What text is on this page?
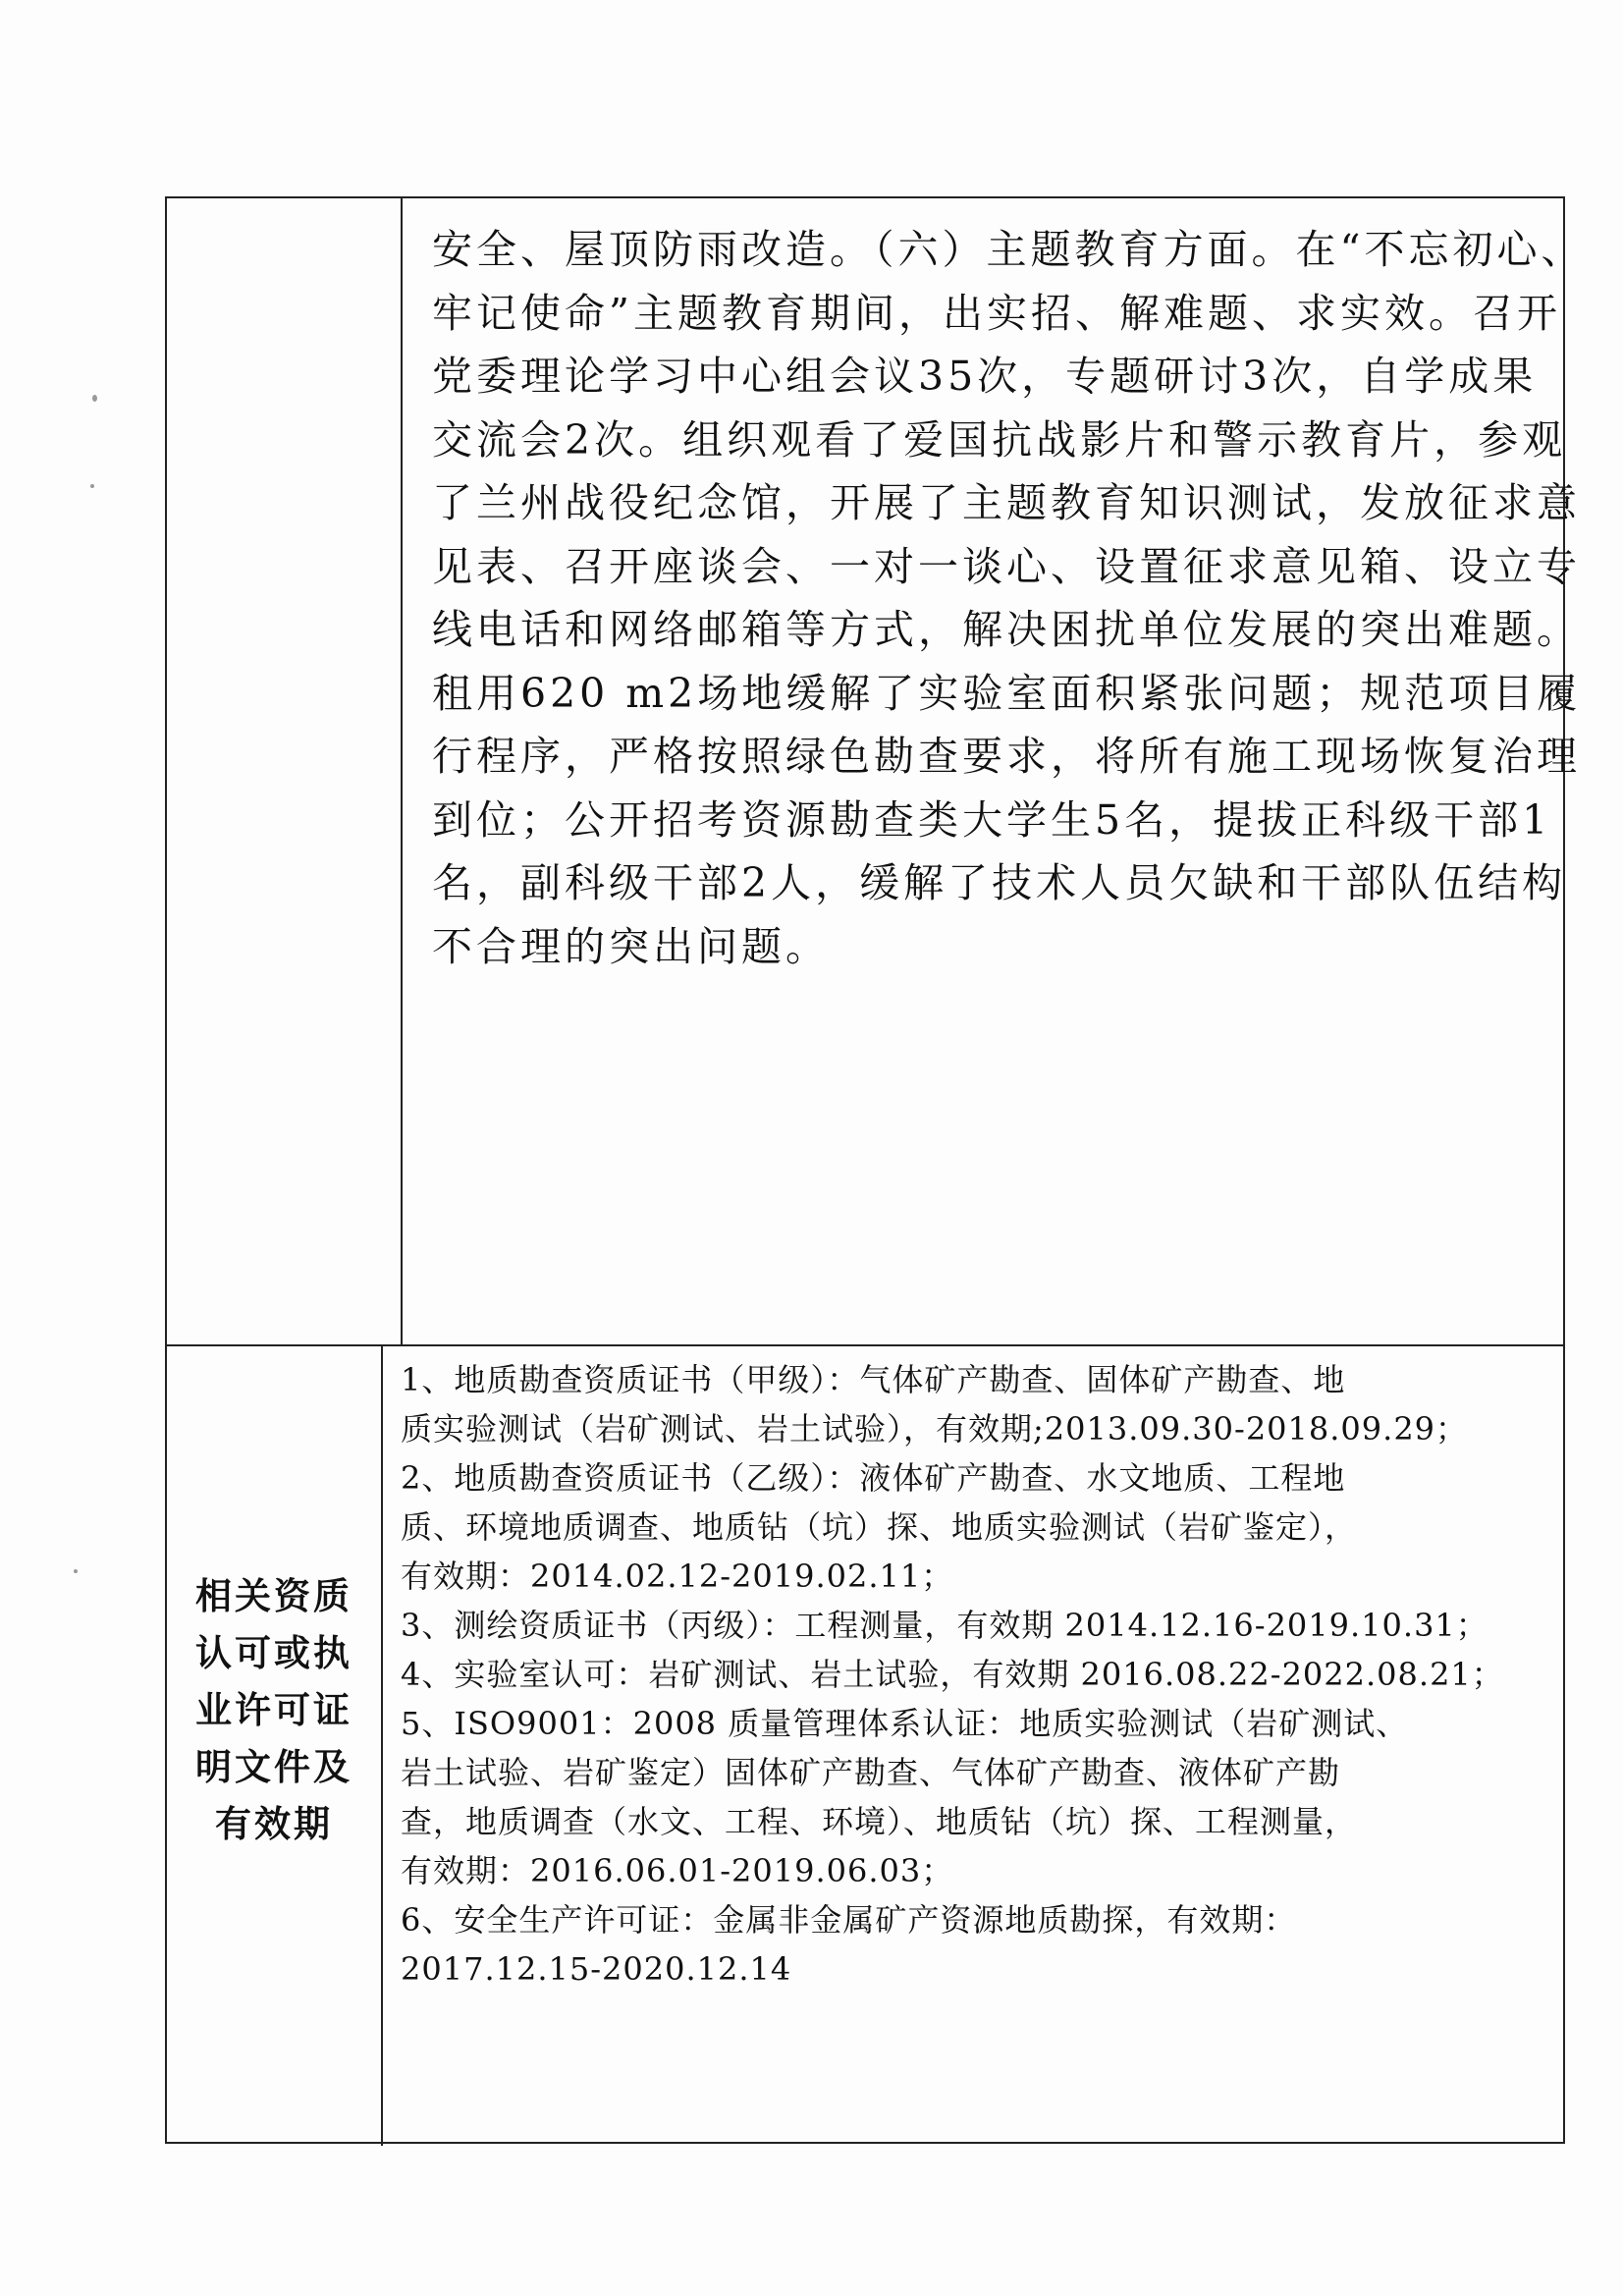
安全、屋顶防雨改造。（六）主题教育方面。在“不忘初心、

牢记使命”主题教育期间，出实招、解难题、求实效。召开

党委理论学习中心组会议35次，专题研讨3次，自学成果

交流会2次。组织观看了爱国抗战影片和警示教育片，参观

了兰州战役纪念馆，开展了主题教育知识测试，发放征求意

见表、召开座谈会、一对一谈心、设置征求意见箱、设立专

线电话和网络邮箱等方式，解决困扰单位发展的突出难题。

租用620 m2场地缓解了实验室面积紧张问题；规范项目履

行程序，严格按照绿色勘查要求，将所有施工现场恢复治理

到位；公开招考资源勘查类大学生5名，提拔正科级干部1

名，副科级干部2人，缓解了技术人员欠缺和干部队伍结构

不合理的突出问题。

相关资质

认可或执

业许可证

明文件及

有效期

1、地质勘查资质证书（甲级）：气体矿产勘查、固体矿产勘查、地

质实验测试（岩矿测试、岩土试验），有效期;2013.09.30-2018.09.29；

2、地质勘查资质证书（乙级）：液体矿产勘查、水文地质、工程地

质、环境地质调查、地质钻（坑）探、地质实验测试（岩矿鉴定），

有效期：2014.02.12-2019.02.11；

3、测绘资质证书（丙级）：工程测量，有效期 2014.12.16-2019.10.31；

4、实验室认可：岩矿测试、岩土试验，有效期 2016.08.22-2022.08.21；

5、ISO9001：2008 质量管理体系认证：地质实验测试（岩矿测试、

岩土试验、岩矿鉴定）固体矿产勘查、气体矿产勘查、液体矿产勘

查，地质调查（水文、工程、环境）、地质钻（坑）探、工程测量，

有效期：2016.06.01-2019.06.03；

6、安全生产许可证：金属非金属矿产资源地质勘探，有效期：

2017.12.15-2020.12.14
